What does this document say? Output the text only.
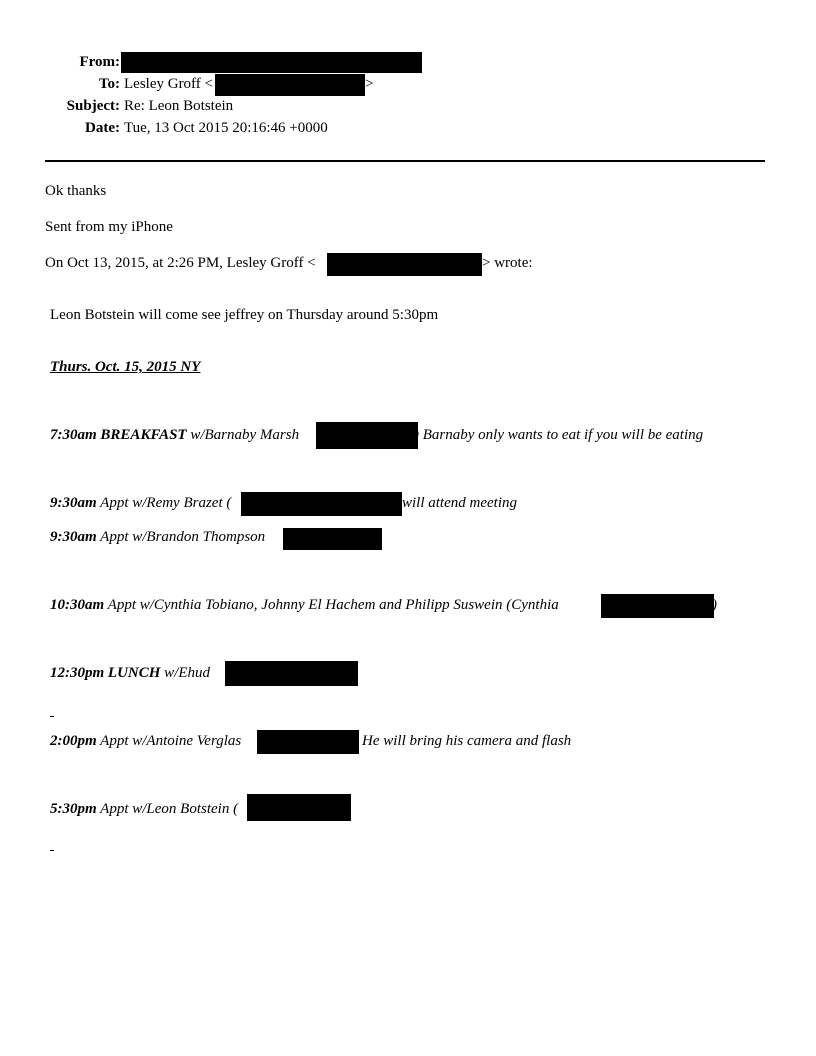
From:
To: Lesley Groff <	>
Subject: Re: Leon Botstein
Date: Tue, 13 Oct 2015 20:16:46 +0000
Ok thanks
Sent from my iPhone
On Oct 13, 2015, at 2:26 PM, Lesley Groff <	> wrote:
Leon Botstein will come see jeffrey on Thursday around 5:30pm
Thurs. Oct. 15, 2015 NY
7:30am BREAKFAST w/Barnaby Marsh	) Barnaby only wants to eat if you will be eating
9:30am Appt w/Remy Brazet (	will attend meeting
9:30am Appt w/Brandon Thompson
10:30am Appt w/Cynthia Tobiano, Johnny El Hachem and Philipp Suswein (Cynthia	)
12:30pm LUNCH w/Ehud
2:00pm Appt w/Antoine Verglas	He will bring his camera and flash
5:30pm Appt w/Leon Botstein (
